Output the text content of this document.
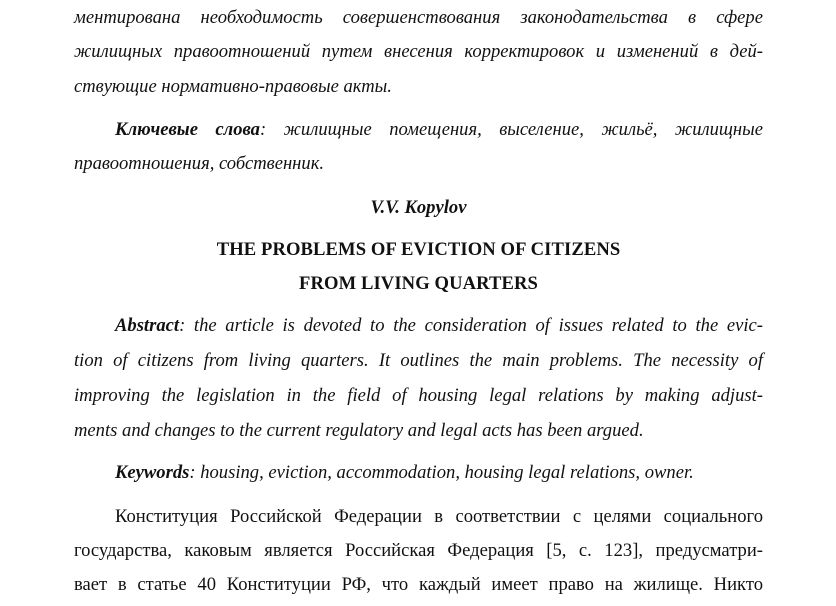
ментирована необходимость совершенствования законодательства в сфере
жилищных правоотношений путем внесения корректировок и изменений в дей-
ствующие нормативно-правовые акты.
Ключевые слова: жилищные помещения, выселение, жильё, жилищные
правоотношения, собственник.
V.V. Kopylov
THE PROBLEMS OF EVICTION OF CITIZENS
FROM LIVING QUARTERS
Abstract: the article is devoted to the consideration of issues related to the evic-
tion of citizens from living quarters. It outlines the main problems. The necessity of
improving the legislation in the field of housing legal relations by making adjust-
ments and changes to the current regulatory and legal acts has been argued.
Keywords: housing, eviction, accommodation, housing legal relations, owner.
Конституция Российской Федерации в соответствии с целями социального
государства, каковым является Российская Федерация [5, с. 123], предусматри-
вает в статье 40 Конституции РФ, что каждый имеет право на жилище. Никто
